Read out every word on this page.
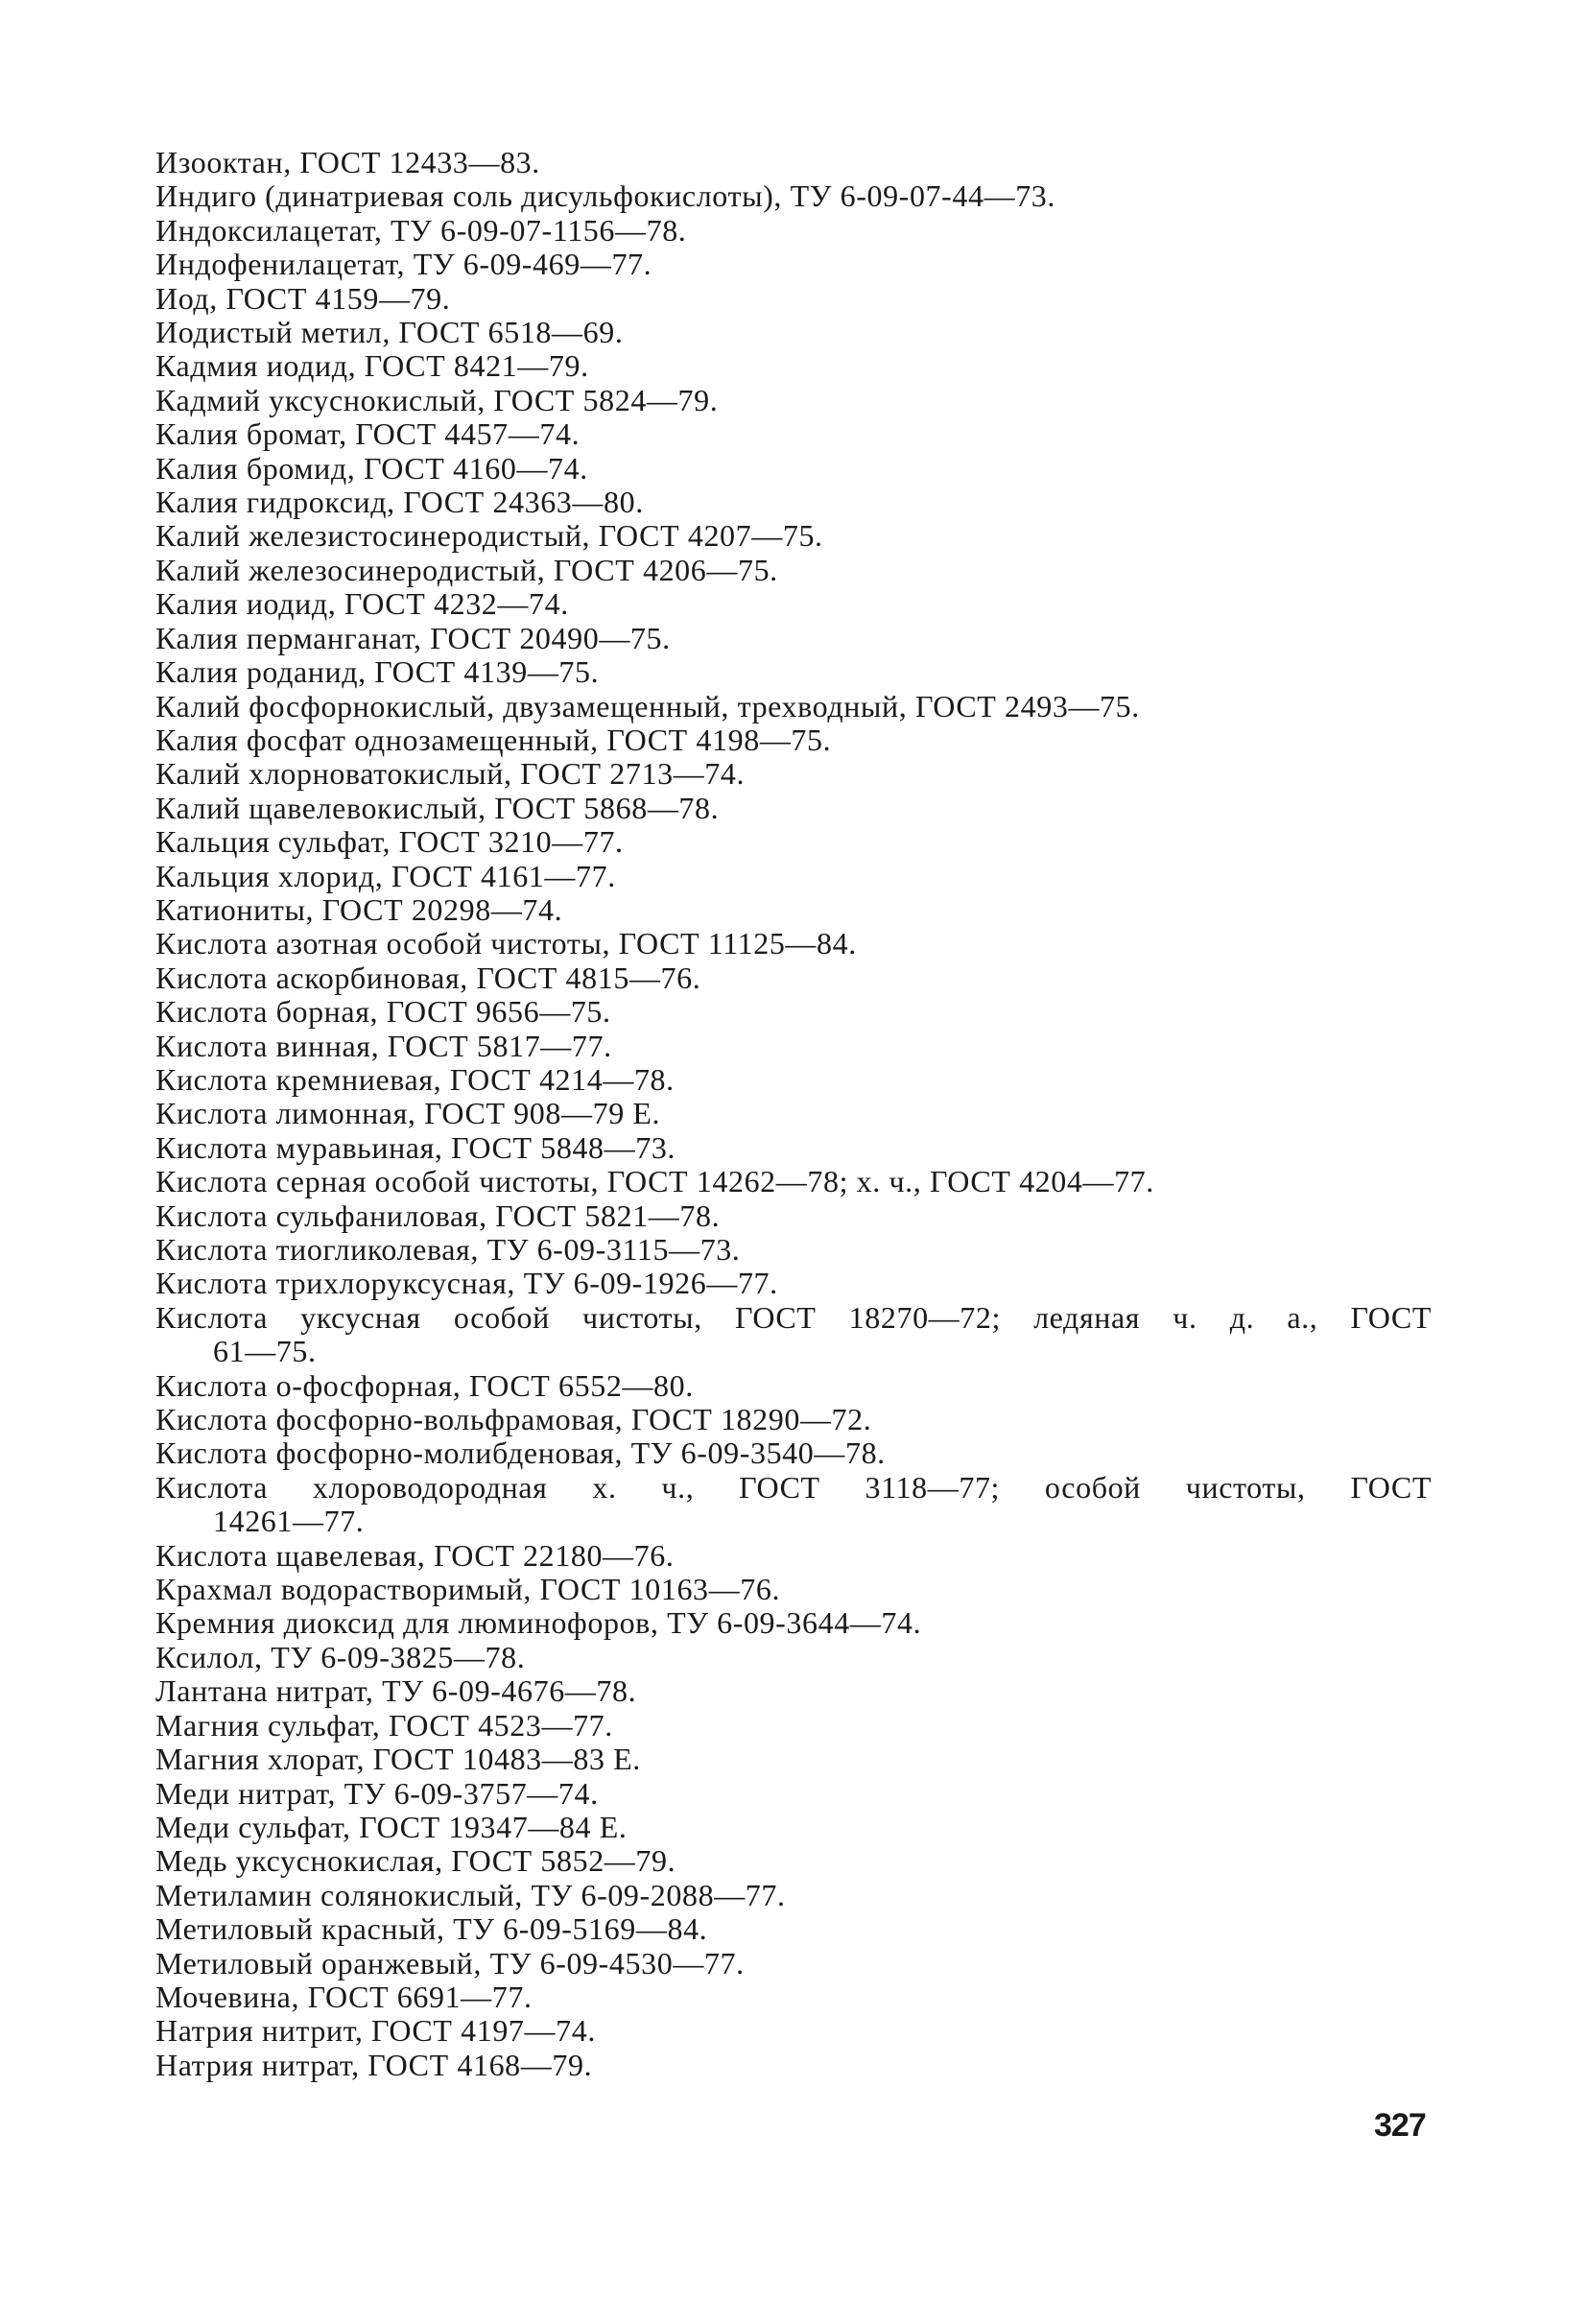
Изооктан, ГОСТ 12433—83.
Индиго (динатриевая соль дисульфокислоты), ТУ 6-09-07-44—73.
Индоксилацетат, ТУ 6-09-07-1156—78.
Индофенилацетат, ТУ 6-09-469—77.
Иод, ГОСТ 4159—79.
Иодистый метил, ГОСТ 6518—69.
Кадмия иодид, ГОСТ 8421—79.
Кадмий уксуснокислый, ГОСТ 5824—79.
Калия бромат, ГОСТ 4457—74.
Калия бромид, ГОСТ 4160—74.
Калия гидроксид, ГОСТ 24363—80.
Калий железистосинеродистый, ГОСТ 4207—75.
Калий железосинеродистый, ГОСТ 4206—75.
Калия иодид, ГОСТ 4232—74.
Калия перманганат, ГОСТ 20490—75.
Калия роданид, ГОСТ 4139—75.
Калий фосфорнокислый, двузамещенный, трехводный, ГОСТ 2493—75.
Калия фосфат однозамещенный, ГОСТ 4198—75.
Калий хлорноватокислый, ГОСТ 2713—74.
Калий щавелевокислый, ГОСТ 5868—78.
Кальция сульфат, ГОСТ 3210—77.
Кальция хлорид, ГОСТ 4161—77.
Катиониты, ГОСТ 20298—74.
Кислота азотная особой чистоты, ГОСТ 11125—84.
Кислота аскорбиновая, ГОСТ 4815—76.
Кислота борная, ГОСТ 9656—75.
Кислота винная, ГОСТ 5817—77.
Кислота кремниевая, ГОСТ 4214—78.
Кислота лимонная, ГОСТ 908—79 Е.
Кислота муравьиная, ГОСТ 5848—73.
Кислота серная особой чистоты, ГОСТ 14262—78; х. ч., ГОСТ 4204—77.
Кислота сульфаниловая, ГОСТ 5821—78.
Кислота тиогликолевая, ТУ 6-09-3115—73.
Кислота трихлоруксусная, ТУ 6-09-1926—77.
Кислота уксусная особой чистоты, ГОСТ 18270—72; ледяная ч. д. а., ГОСТ
61—75.
Кислота о-фосфорная, ГОСТ 6552—80.
Кислота фосфорно-вольфрамовая, ГОСТ 18290—72.
Кислота фосфорно-молибденовая, ТУ 6-09-3540—78.
Кислота хлороводородная х. ч., ГОСТ 3118—77; особой чистоты, ГОСТ
14261—77.
Кислота щавелевая, ГОСТ 22180—76.
Крахмал водорастворимый, ГОСТ 10163—76.
Кремния диоксид для люминофоров, ТУ 6-09-3644—74.
Ксилол, ТУ 6-09-3825—78.
Лантана нитрат, ТУ 6-09-4676—78.
Магния сульфат, ГОСТ 4523—77.
Магния хлорат, ГОСТ 10483—83 Е.
Меди нитрат, ТУ 6-09-3757—74.
Меди сульфат, ГОСТ 19347—84 Е.
Медь уксуснокислая, ГОСТ 5852—79.
Метиламин солянокислый, ТУ 6-09-2088—77.
Метиловый красный, ТУ 6-09-5169—84.
Метиловый оранжевый, ТУ 6-09-4530—77.
Мочевина, ГОСТ 6691—77.
Натрия нитрит, ГОСТ 4197—74.
Натрия нитрат, ГОСТ 4168—79.
327
